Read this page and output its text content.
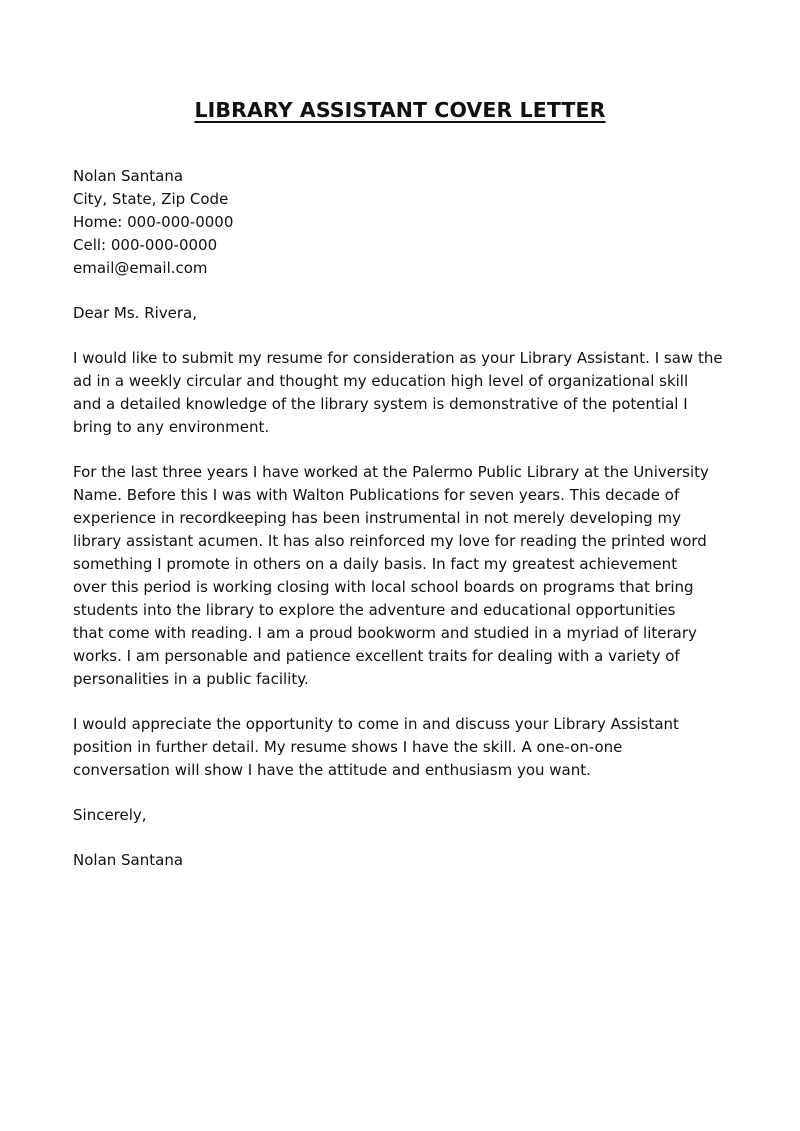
LIBRARY ASSISTANT COVER LETTER
Nolan Santana
City, State, Zip Code
Home: 000-000-0000
Cell: 000-000-0000
email@email.com

Dear Ms. Rivera,

I would like to submit my resume for consideration as your Library Assistant. I saw the
ad in a weekly circular and thought my education high level of organizational skill
and a detailed knowledge of the library system is demonstrative of the potential I
bring to any environment.

For the last three years I have worked at the Palermo Public Library at the University
Name. Before this I was with Walton Publications for seven years. This decade of
experience in recordkeeping has been instrumental in not merely developing my
library assistant acumen. It has also reinforced my love for reading the printed word
something I promote in others on a daily basis. In fact my greatest achievement
over this period is working closing with local school boards on programs that bring
students into the library to explore the adventure and educational opportunities
that come with reading. I am a proud bookworm and studied in a myriad of literary
works. I am personable and patience excellent traits for dealing with a variety of
personalities in a public facility.

I would appreciate the opportunity to come in and discuss your Library Assistant
position in further detail. My resume shows I have the skill. A one-on-one
conversation will show I have the attitude and enthusiasm you want.

Sincerely,

Nolan Santana
